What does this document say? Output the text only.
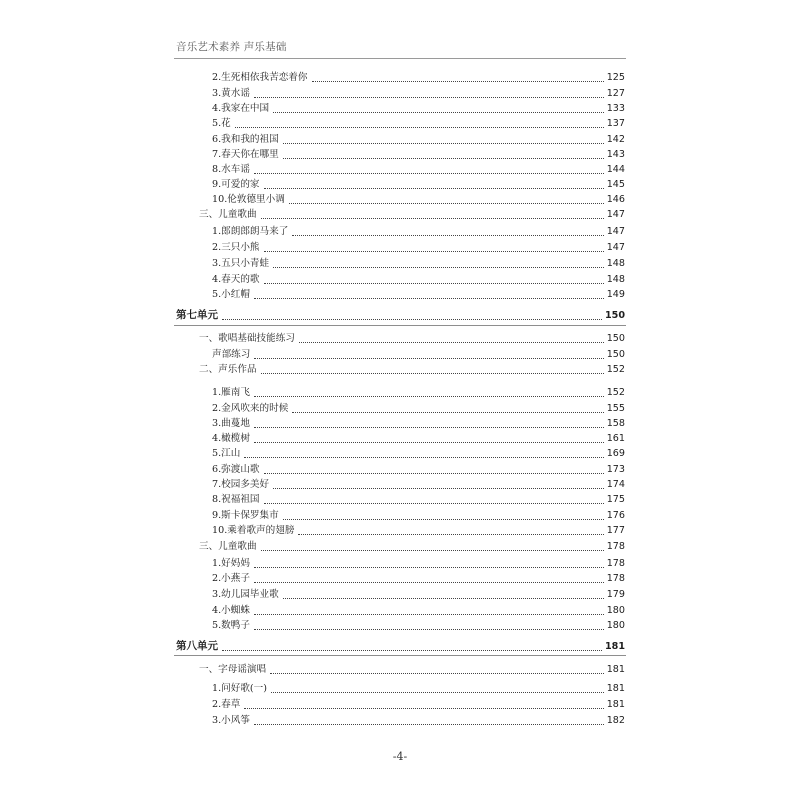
音乐艺术素养 声乐基础
2.生死相依我苦恋着你	125
3.黄水谣	127
4.我家在中国	133
5.花	137
6.我和我的祖国	142
7.春天你在哪里	143
8.水车谣	144
9.可爱的家	145
10.伦敦德里小调	146
三、儿童歌曲	147
1.郎朗郎朗马来了	147
2.三只小熊	147
3.五只小青蛙	148
4.春天的歌	148
5.小红帽	149
第七单元	150
一、歌唱基础技能练习	150
声部练习	150
二、声乐作品	152
1.雁南飞	152
2.金风吹来的时候	155
3.曲蔓地	158
4.橄榄树	161
5.江山	169
6.弥渡山歌	173
7.校园多美好	174
8.祝福祖国	175
9.斯卡保罗集市	176
10.乘着歌声的翅膀	177
三、儿童歌曲	178
1.好妈妈	178
2.小燕子	178
3.幼儿园毕业歌	179
4.小蜘蛛	180
5.数鸭子	180
第八单元	181
一、字母谣演唱	181
1.问好歌(一)	181
2.春草	181
3.小风筝	182
-4-
